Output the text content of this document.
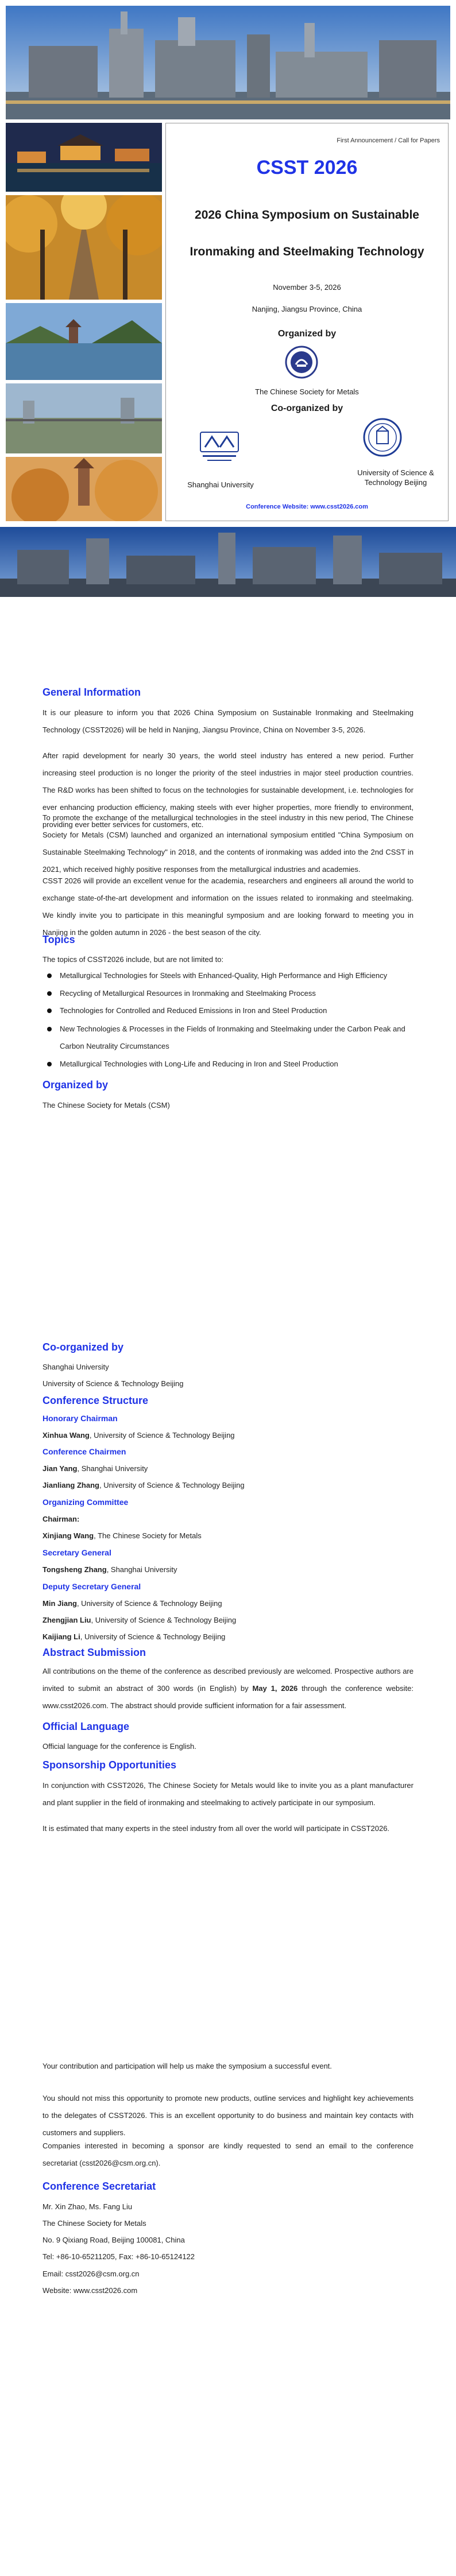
First Announcement / Call for Papers
CSST 2026
2026 China Symposium on Sustainable Ironmaking and Steelmaking Technology
November 3-5, 2026
Nanjing, Jiangsu Province, China
Organized by
The Chinese Society for Metals
Co-organized by
Shanghai University
University of Science & Technology Beijing
Conference Website: www.csst2026.com
General Information
It is our pleasure to inform you that 2026 China Symposium on Sustainable Ironmaking and Steelmaking Technology (CSST2026) will be held in Nanjing, Jiangsu Province, China on November 3-5, 2026.
After rapid development for nearly 30 years, the world steel industry has entered a new period. Further increasing steel production is no longer the priority of the steel industries in major steel production countries. The R&D works has been shifted to focus on the technologies for sustainable development, i.e. technologies for ever enhancing production efficiency, making steels with ever higher properties, more friendly to environment, providing ever better services for customers, etc.
To promote the exchange of the metallurgical technologies in the steel industry in this new period, The Chinese Society for Metals (CSM) launched and organized an international symposium entitled "China Symposium on Sustainable Steelmaking Technology" in 2018, and the contents of ironmaking was added into the 2nd CSST in 2021, which received highly positive responses from the metallurgical industries and academies.
CSST 2026 will provide an excellent venue for the academia, researchers and engineers all around the world to exchange state-of-the-art development and information on the issues related to ironmaking and steelmaking. We kindly invite you to participate in this meaningful symposium and are looking forward to meeting you in Nanjing in the golden autumn in 2026 - the best season of the city.
Topics
The topics of CSST2026 include, but are not limited to:
Metallurgical Technologies for Steels with Enhanced-Quality, High Performance and High Efficiency
Recycling of Metallurgical Resources in Ironmaking and Steelmaking Process
Technologies for Controlled and Reduced Emissions in Iron and Steel Production
New Technologies & Processes in the Fields of Ironmaking and Steelmaking under the Carbon Peak and Carbon Neutrality Circumstances
Metallurgical Technologies with Long-Life and Reducing in Iron and Steel Production
Organized by
The Chinese Society for Metals (CSM)
Co-organized by
Shanghai University
University of Science & Technology Beijing
Conference Structure
Honorary Chairman
Xinhua Wang, University of Science & Technology Beijing
Conference Chairmen
Jian Yang, Shanghai University
Jianliang Zhang, University of Science & Technology Beijing
Organizing Committee
Chairman:
Xinjiang Wang, The Chinese Society for Metals
Secretary General
Tongsheng Zhang, Shanghai University
Deputy Secretary General
Min Jiang, University of Science & Technology Beijing
Zhengjian Liu, University of Science & Technology Beijing
Kaijiang Li, University of Science & Technology Beijing
Abstract Submission
All contributions on the theme of the conference as described previously are welcomed. Prospective authors are invited to submit an abstract of 300 words (in English) by May 1, 2026 through the conference website: www.csst2026.com. The abstract should provide sufficient information for a fair assessment.
Official Language
Official language for the conference is English.
Sponsorship Opportunities
In conjunction with CSST2026, The Chinese Society for Metals would like to invite you as a plant manufacturer and plant supplier in the field of ironmaking and steelmaking to actively participate in our symposium.
It is estimated that many experts in the steel industry from all over the world will participate in CSST2026.
Your contribution and participation will help us make the symposium a successful event.
You should not miss this opportunity to promote new products, outline services and highlight key achievements to the delegates of CSST2026. This is an excellent opportunity to do business and maintain key contacts with customers and suppliers.
Companies interested in becoming a sponsor are kindly requested to send an email to the conference secretariat (csst2026@csm.org.cn).
Conference Secretariat
Mr. Xin Zhao, Ms. Fang Liu
The Chinese Society for Metals
No. 9 Qixiang Road, Beijing 100081, China
Tel: +86-10-65211205, Fax: +86-10-65124122
Email: csst2026@csm.org.cn
Website: www.csst2026.com
